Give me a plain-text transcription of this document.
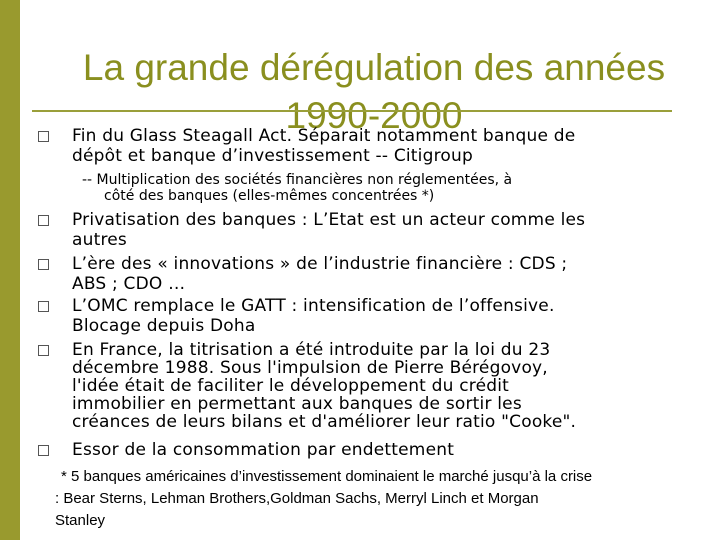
La grande dérégulation des années 1990-2000
Fin du Glass Steagall Act. Séparait notamment banque de
dépôt et banque d’investissement -- Citigroup
-- Multiplication des sociétés financières non réglementées, à
côté des banques (elles-mêmes concentrées *)
Privatisation des banques : L’Etat est un acteur comme les
autres
L’ère des « innovations » de l’industrie financière : CDS ;
ABS ; CDO …
L’OMC remplace le GATT : intensification de l’offensive.
Blocage depuis Doha
En France, la titrisation a été introduite par la loi du 23
décembre 1988. Sous l'impulsion de Pierre Bérégovoy,
l'idée était de faciliter le développement du crédit
immobilier en permettant aux banques de sortir les
créances de leurs bilans et d'améliorer leur ratio "Cooke".
Essor de la consommation par endettement
* 5 banques américaines d’investissement dominaient le marché jusqu’à la crise
: Bear Sterns, Lehman Brothers,Goldman Sachs, Merryl Linch et Morgan
Stanley
